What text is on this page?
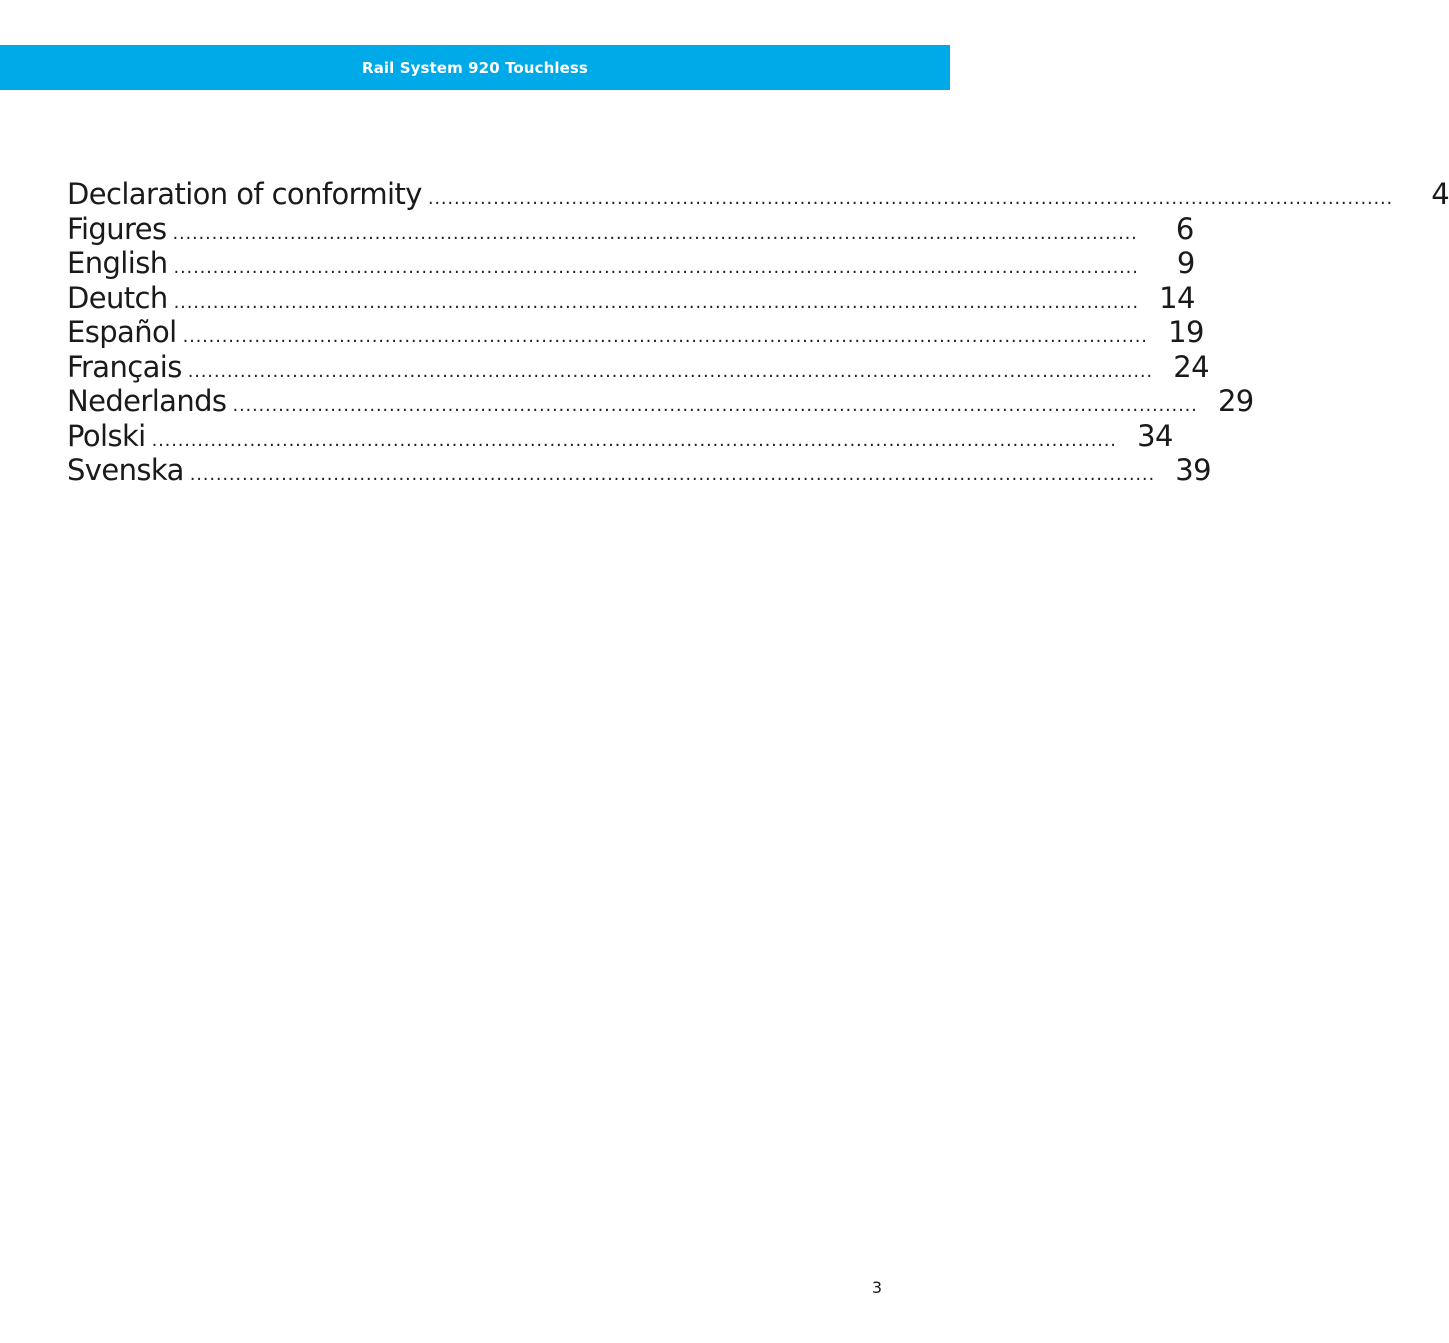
Rail System 920 Touchless
Declaration of conformity ....................................................................................................................................................	4
Figures ....................................................................................................................................................	6
English ....................................................................................................................................................	9
Deutch .................................................................................................................................................... 14
Español .................................................................................................................................................... 19
Français .................................................................................................................................................... 24
Nederlands .................................................................................................................................................... 29
Polski .................................................................................................................................................... 34
Svenska .................................................................................................................................................... 39
3
